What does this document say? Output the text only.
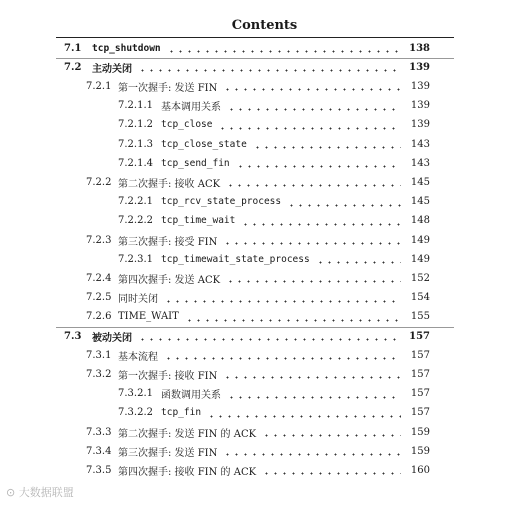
Contents
7.1 tcp_shutdown	138
7.2 主动关闭	139
7.2.1 第一次握手: 发送 FIN	139
7.2.1.1 基本调用关系	139
7.2.1.2 tcp_close	139
7.2.1.3 tcp_close_state	143
7.2.1.4 tcp_send_fin	143
7.2.2 第二次握手: 接收 ACK	145
7.2.2.1 tcp_rcv_state_process	145
7.2.2.2 tcp_time_wait	148
7.2.3 第三次握手: 接受 FIN	149
7.2.3.1 tcp_timewait_state_process	149
7.2.4 第四次握手: 发送 ACK	152
7.2.5 同时关闭	154
7.2.6 TIME_WAIT	155
7.3 被动关闭	157
7.3.1 基本流程	157
7.3.2 第一次握手: 接收 FIN	157
7.3.2.1 函数调用关系	157
7.3.2.2 tcp_fin	157
7.3.3 第二次握手: 发送 FIN 的 ACK	159
7.3.4 第三次握手: 发送 FIN	159
7.3.5 第四次握手: 接收 FIN 的 ACK	160
⊙ 大数据联盟
